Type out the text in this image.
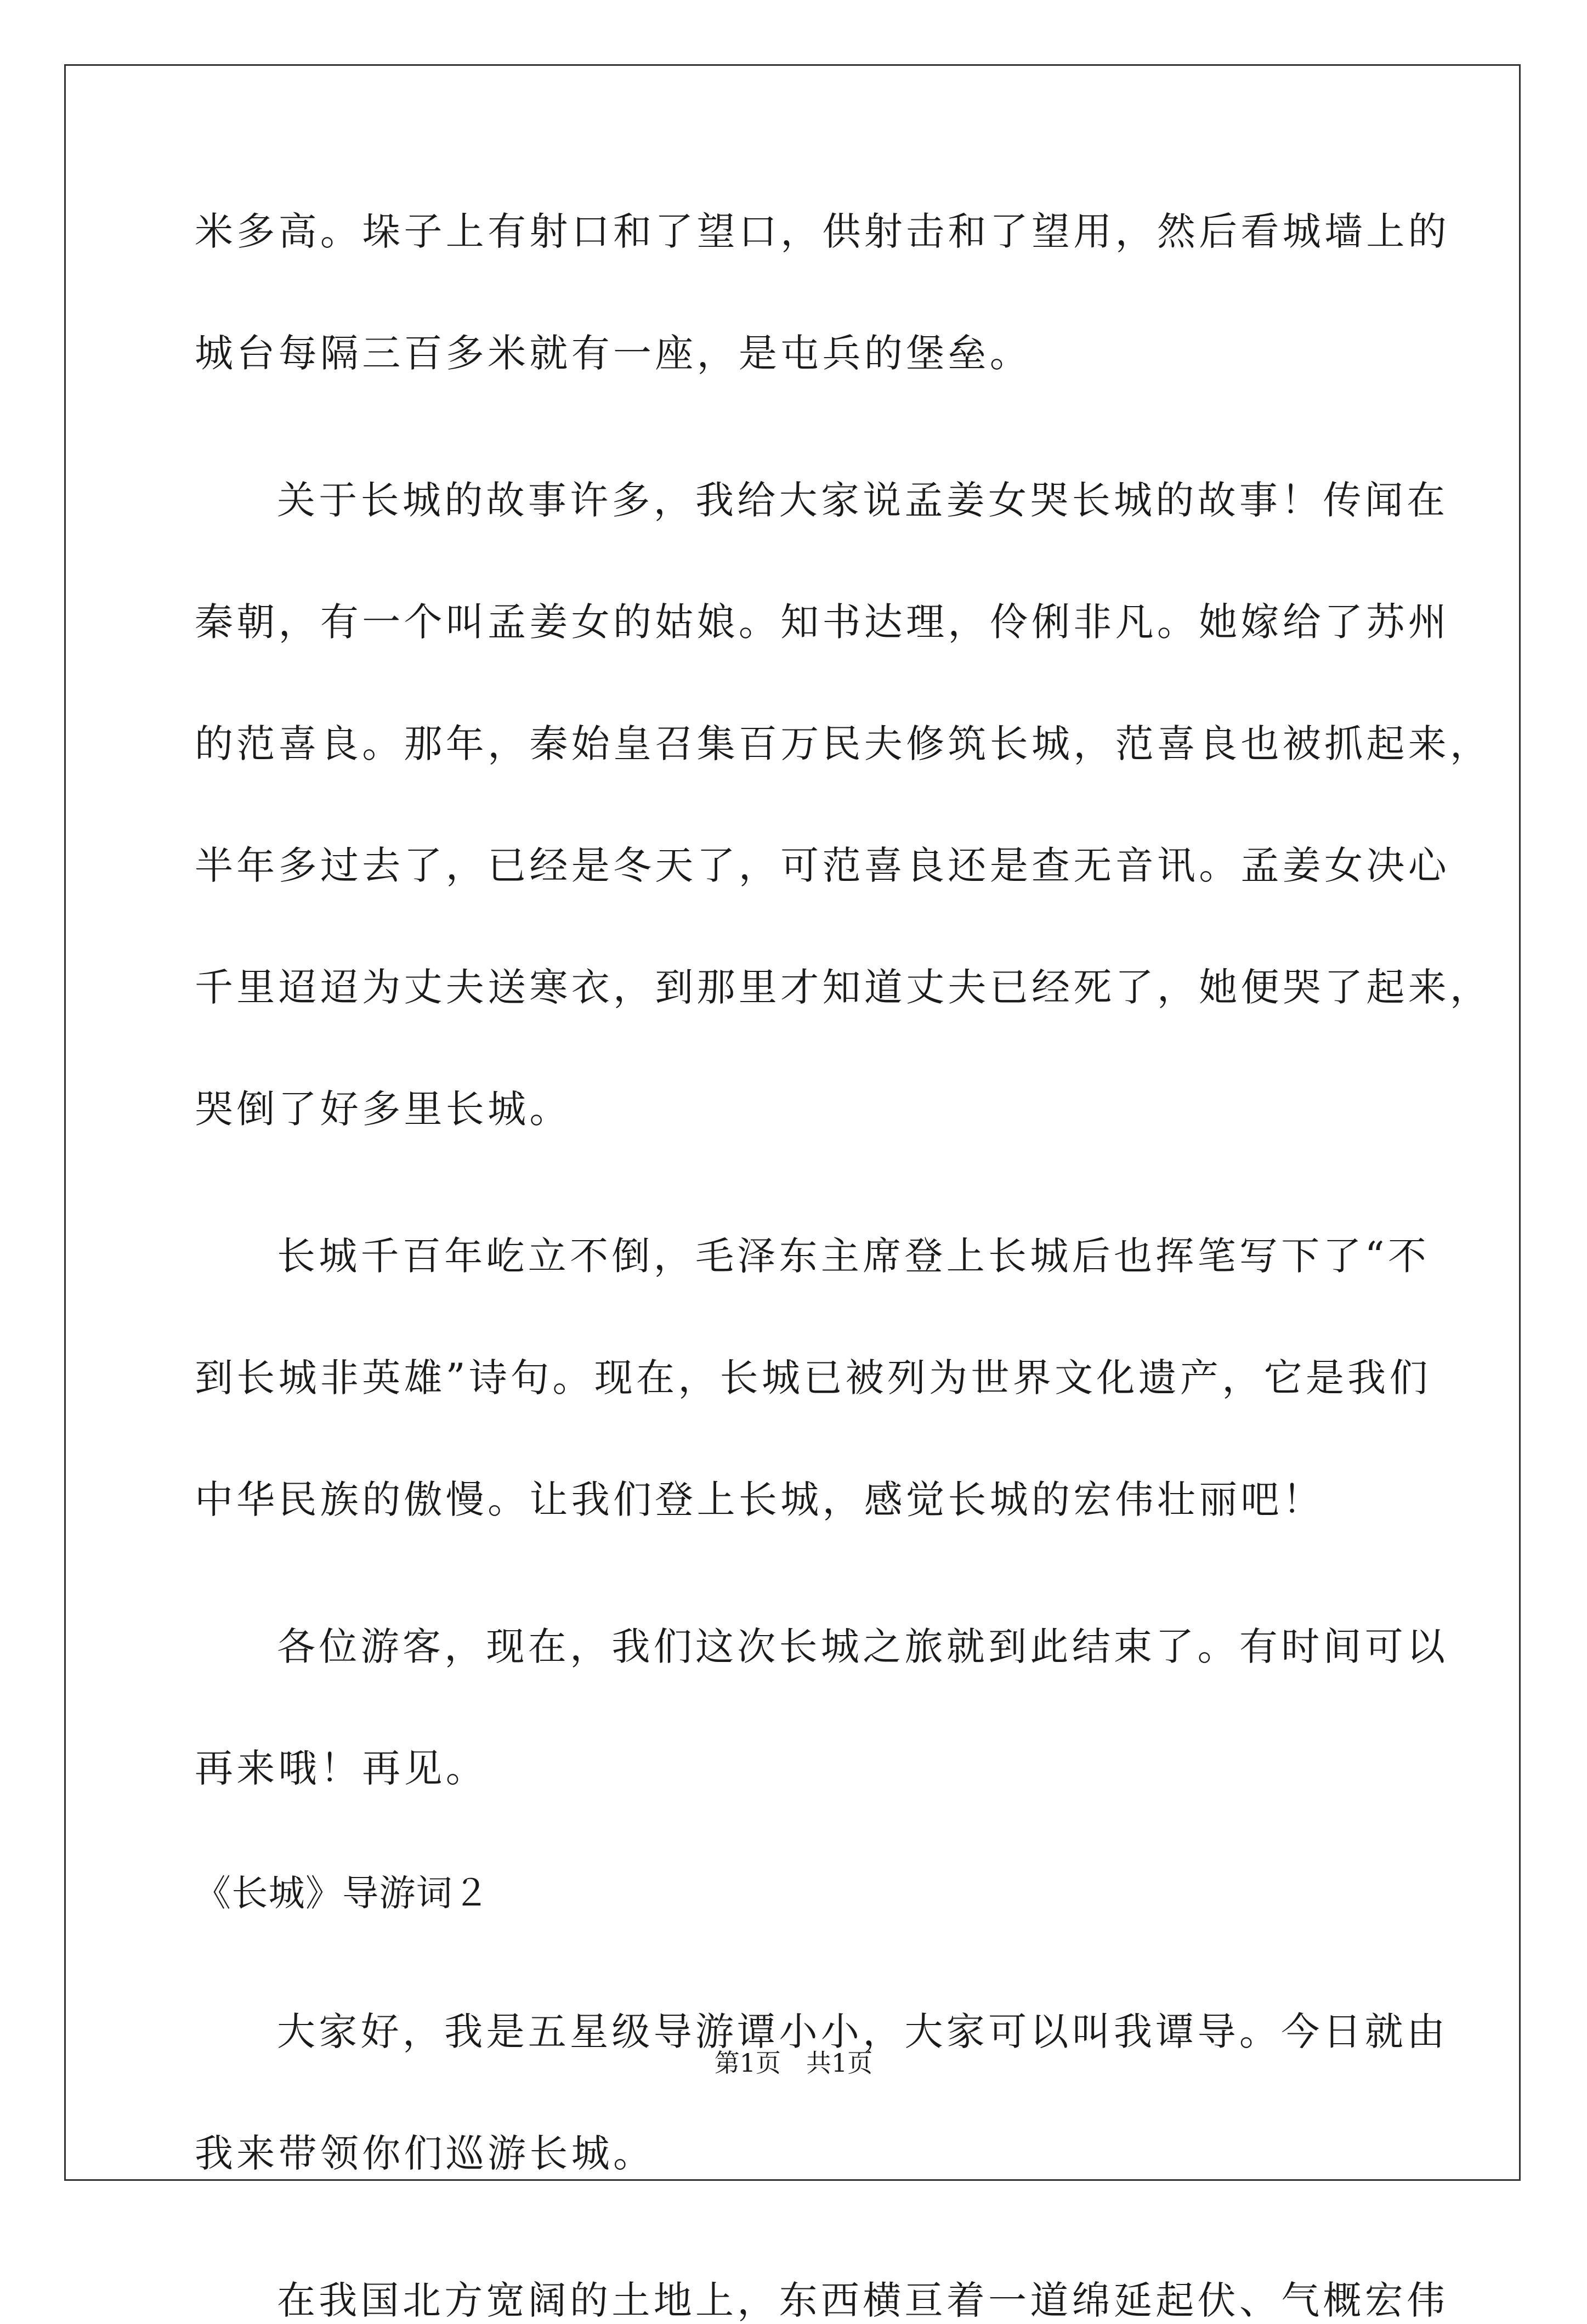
米多高。垛子上有射口和了望口，供射击和了望用，然后看城墙上的
城台每隔三百多米就有一座，是屯兵的堡垒。
关于长城的故事许多，我给大家说孟姜女哭长城的故事！传闻在
秦朝，有一个叫孟姜女的姑娘。知书达理，伶俐非凡。她嫁给了苏州
的范喜良。那年，秦始皇召集百万民夫修筑长城，范喜良也被抓起来，
半年多过去了，已经是冬天了，可范喜良还是查无音讯。孟姜女决心
千里迢迢为丈夫送寒衣，到那里才知道丈夫已经死了，她便哭了起来，
哭倒了好多里长城。
长城千百年屹立不倒，毛泽东主席登上长城后也挥笔写下了“不
到长城非英雄”诗句。现在，长城已被列为世界文化遗产，它是我们
中华民族的傲慢。让我们登上长城，感觉长城的宏伟壮丽吧！
各位游客，现在，我们这次长城之旅就到此结束了。有时间可以
再来哦！再见。
《长城》导游词２
大家好，我是五星级导游谭小小，大家可以叫我谭导。今日就由
我来带领你们巡游长城。
在我国北方宽阔的土地上，东西横亘着一道绵延起伏、气概宏伟
第1页　共1页
